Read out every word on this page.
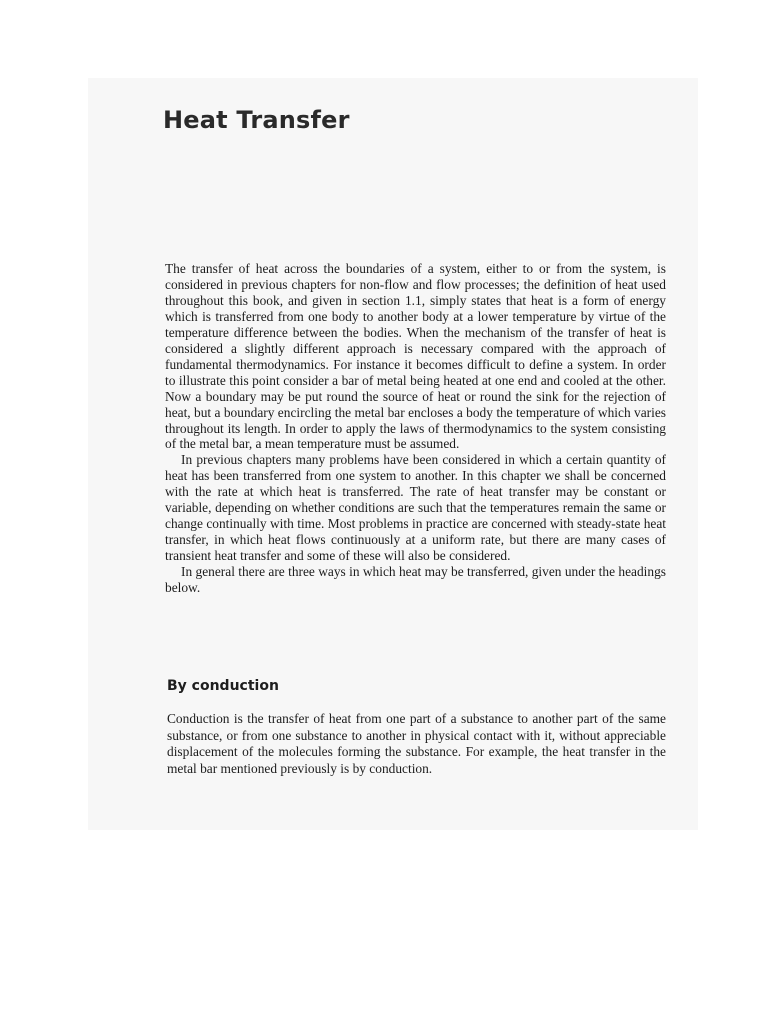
Heat Transfer

The transfer of heat across the boundaries of a system, either to or from the system, is considered in previous chapters for non-flow and flow processes; the definition of heat used throughout this book, and given in section 1.1, simply states that heat is a form of energy which is transferred from one body to another body at a lower temperature by virtue of the temperature difference between the bodies. When the mechanism of the transfer of heat is considered a slightly different approach is necessary compared with the approach of fundamental thermodynamics. For instance it becomes difficult to define a system. In order to illustrate this point consider a bar of metal being heated at one end and cooled at the other. Now a boundary may be put round the source of heat or round the sink for the rejection of heat, but a boundary encircling the metal bar encloses a body the temperature of which varies throughout its length. In order to apply the laws of thermodynamics to the system consisting of the metal bar, a mean temperature must be assumed.

In previous chapters many problems have been considered in which a certain quantity of heat has been transferred from one system to another. In this chapter we shall be concerned with the rate at which heat is transferred. The rate of heat transfer may be constant or variable, depending on whether conditions are such that the temperatures remain the same or change continually with time. Most problems in practice are concerned with steady-state heat transfer, in which heat flows continuously at a uniform rate, but there are many cases of transient heat transfer and some of these will also be considered.

In general there are three ways in which heat may be transferred, given under the headings below.

By conduction

Conduction is the transfer of heat from one part of a substance to another part of the same substance, or from one substance to another in physical contact with it, without appreciable displacement of the molecules forming the substance. For example, the heat transfer in the metal bar mentioned previously is by conduction.
